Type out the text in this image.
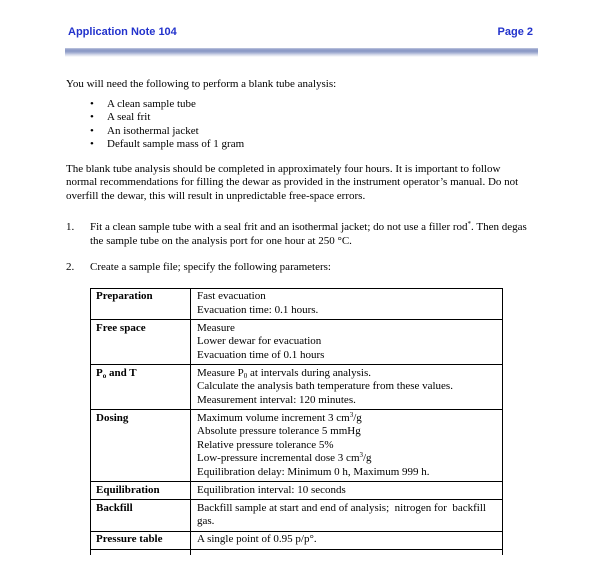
Application Note 104	Page 2

You will need the following to perform a blank tube analysis:

•	A clean sample tube
•	A seal frit
•	An isothermal jacket
•	Default sample mass of 1 gram
The blank tube analysis should be completed in approximately four hours. It is important to follow
normal recommendations for filling the dewar as provided in the instrument operator’s manual. Do not
overfill the dewar, this will result in unpredictable free-space errors.
1.	Fit a clean sample tube with a seal frit and an isothermal jacket; do not use a filler rod*. Then degas
the sample tube on the analysis port for one hour at 250 °C.
2.	Create a sample file; specify the following parameters:
Preparation	Fast evacuation
Evacuation time: 0.1 hours.
Free space	Measure
Lower dewar for evacuation
Evacuation time of 0.1 hours
$P_o$ and T	Measure $P_0$ at intervals during analysis.
Calculate the analysis bath temperature from these values.
Measurement interval: 120 minutes.
Dosing	Maximum volume increment 3 $cm^3/g$
Absolute pressure tolerance 5 mmHg
Relative pressure tolerance 5%
Low-pressure incremental dose 3 $cm^3/g$
Equilibration delay: Minimum 0 h, Maximum 999 h.
Equilibration	Equilibration interval: 10 seconds
Backfill	Backfill sample at start and end of analysis;  nitrogen for  backfill
gas.
Pressure table	A single point of 0.95 p/p°.
